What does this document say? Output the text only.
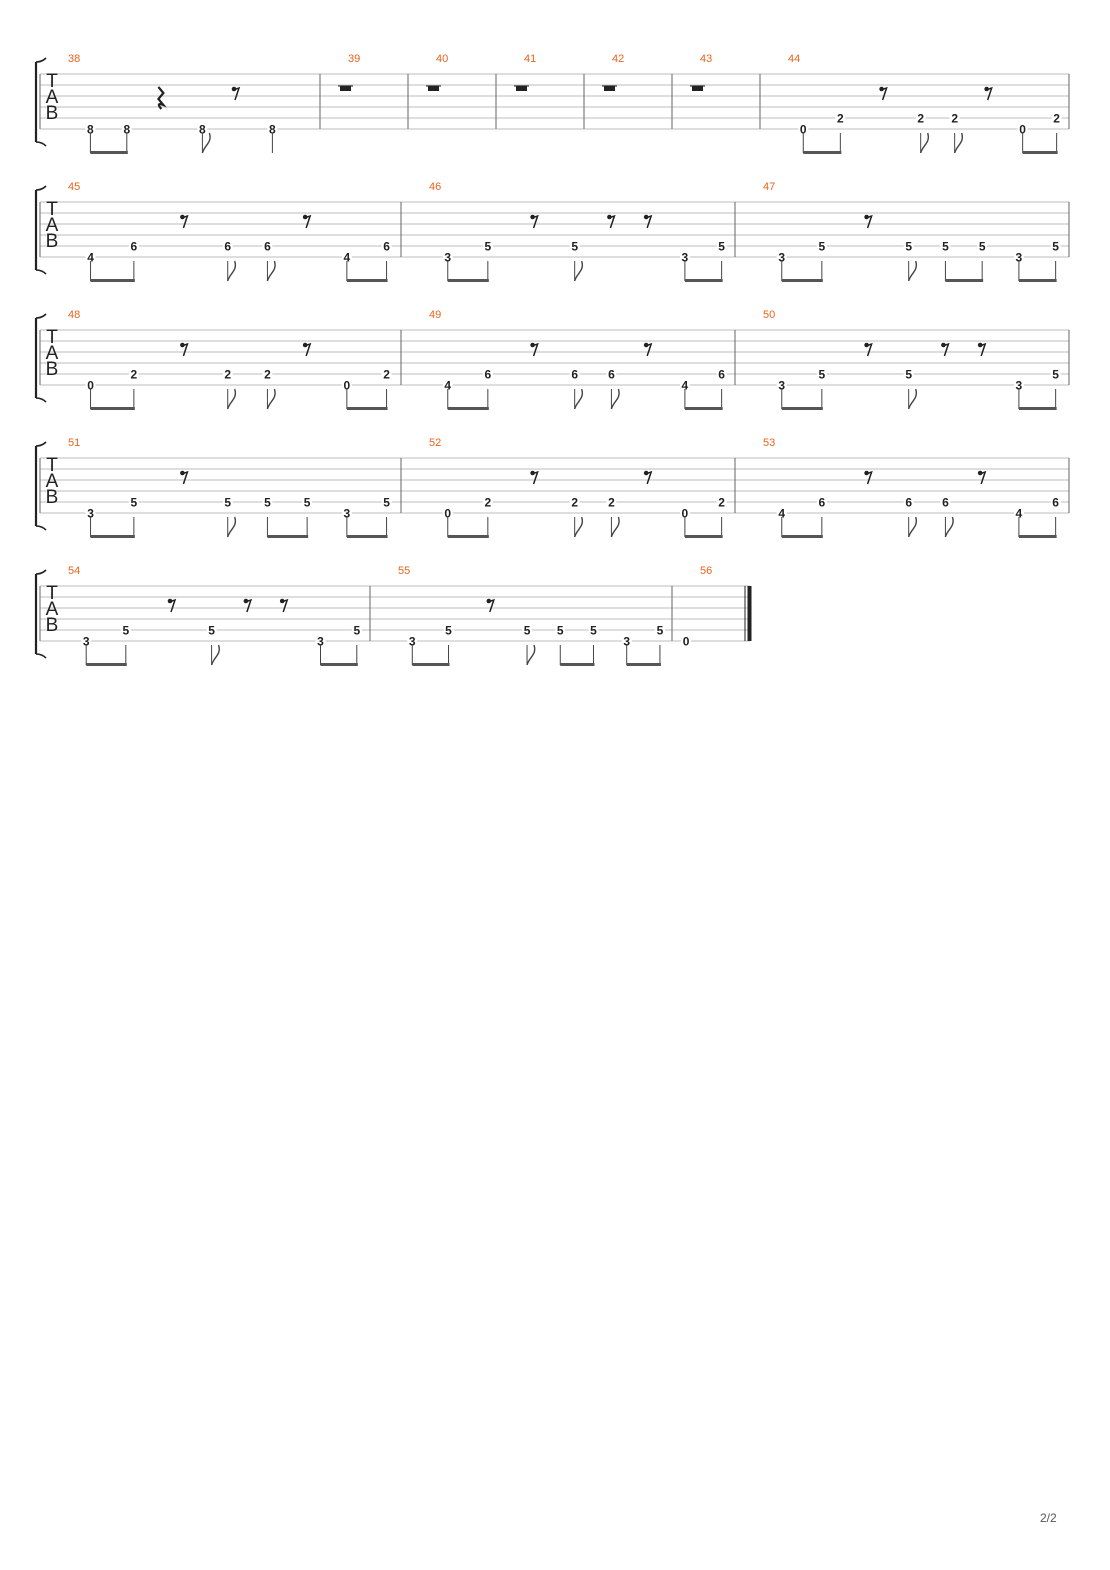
T
A
B
38
8 8	8	8
39	40	41	42	43	44
0
2	2 2
0
2
T
A
B
45
4
6	6	6
4
6
46
3
5	5
3
5
47
3
5	5	5	5
3
5
T
A
B
48
0
2	2	2
0
2
49
4
6	6	6
4
6
50
3
5	5
3
5
T
A
B
51
3
5	5	5	5
3
5
52
0
2	2	2
0
2
53
4
6	6	6
4
6
T
A
B
54
3
5	5
3
5
55
3
5	5 5 5
3
5
56
0
2/2
